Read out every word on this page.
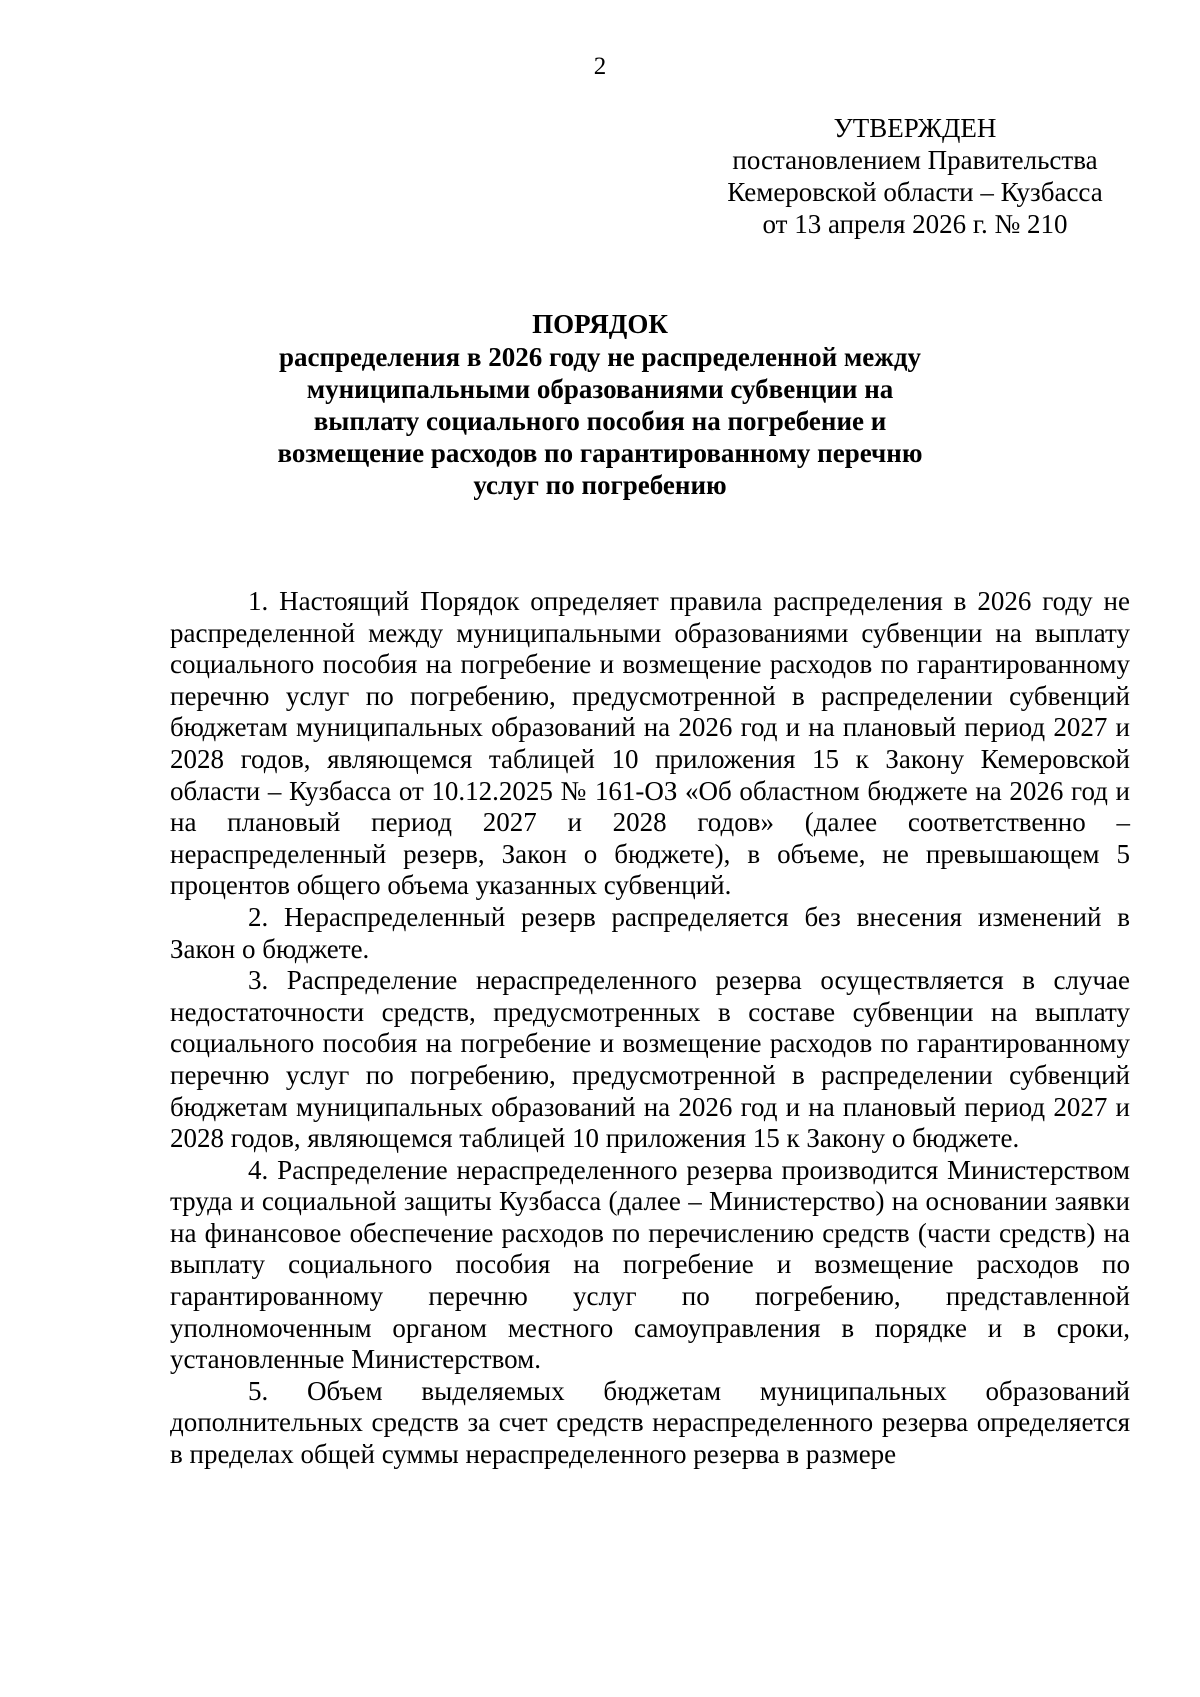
2
УТВЕРЖДЕН
постановлением Правительства
Кемеровской области – Кузбасса
от 13 апреля 2026 г. № 210
ПОРЯДОК
распределения в 2026 году не распределенной между
муниципальными образованиями субвенции на
выплату социального пособия на погребение и
возмещение расходов по гарантированному перечню
услуг по погребению

1. Настоящий Порядок определяет правила распределения в 2026 году не распределенной между муниципальными образованиями субвенции на выплату социального пособия на погребение и возмещение расходов по гарантированному перечню услуг по погребению, предусмотренной в распределении субвенций бюджетам муниципальных образований на 2026 год и на плановый период 2027 и 2028 годов, являющемся таблицей 10 приложения 15 к Закону Кемеровской области – Кузбасса от 10.12.2025 № 161-ОЗ «Об областном бюджете на 2026 год и на плановый период 2027 и 2028 годов» (далее соответственно – нераспределенный резерв, Закон о бюджете), в объеме, не превышающем 5 процентов общего объема указанных субвенций.

2. Нераспределенный резерв распределяется без внесения изменений в Закон о бюджете.

3. Распределение нераспределенного резерва осуществляется в случае недостаточности средств, предусмотренных в составе субвенции на выплату социального пособия на погребение и возмещение расходов по гарантированному перечню услуг по погребению, предусмотренной в распределении субвенций бюджетам муниципальных образований на 2026 год и на плановый период 2027 и 2028 годов, являющемся таблицей 10 приложения 15 к Закону о бюджете.

4. Распределение нераспределенного резерва производится Министерством труда и социальной защиты Кузбасса (далее – Министерство) на основании заявки на финансовое обеспечение расходов по перечислению средств (части средств) на выплату социального пособия на погребение и возмещение расходов по гарантированному перечню услуг по погребению, представленной уполномоченным органом местного самоуправления в порядке и в сроки, установленные Министерством.

5. Объем выделяемых бюджетам муниципальных образований дополнительных средств за счет средств нераспределенного резерва определяется в пределах общей суммы нераспределенного резерва в размере
